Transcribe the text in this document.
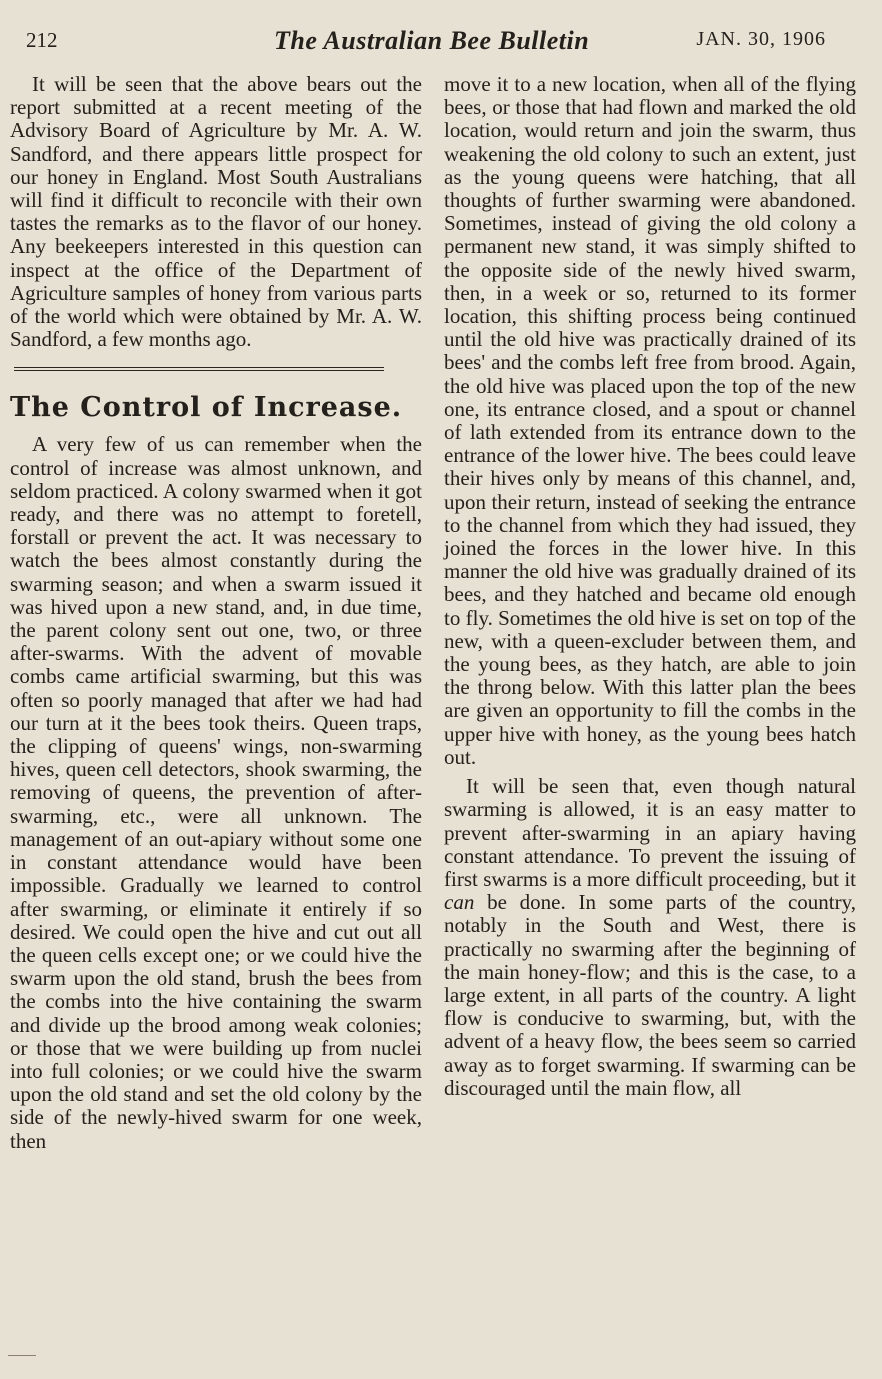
212	The Australian Bee Bulletin	JAN. 30, 1906

It will be seen that the above bears out the report submitted at a recent meeting of the Advisory Board of Agriculture by Mr. A. W. Sandford, and there appears little prospect for our honey in England. Most South Australians will find it difficult to reconcile with their own tastes the remarks as to the flavor of our honey. Any beekeepers interested in this question can inspect at the office of the Department of Agriculture samples of honey from various parts of the world which were obtained by Mr. A. W. Sandford, a few months ago.

The Control of Increase.

A very few of us can remember when the control of increase was almost unknown, and seldom practiced. A colony swarmed when it got ready, and there was no attempt to foretell, forstall or prevent the act. It was necessary to watch the bees almost constantly during the swarming season; and when a swarm issued it was hived upon a new stand, and, in due time, the parent colony sent out one, two, or three after-swarms. With the advent of movable combs came artificial swarming, but this was often so poorly managed that after we had had our turn at it the bees took theirs. Queen traps, the clipping of queens' wings, non-swarming hives, queen cell detectors, shook swarming, the removing of queens, the prevention of after-swarming, etc., were all unknown. The management of an out-apiary without some one in constant attendance would have been impossible. Gradually we learned to control after swarming, or eliminate it entirely if so desired. We could open the hive and cut out all the queen cells except one; or we could hive the swarm upon the old stand, brush the bees from the combs into the hive containing the swarm and divide up the brood among weak colonies; or those that we were building up from nuclei into full colonies; or we could hive the swarm upon the old stand and set the old colony by the side of the newly-hived swarm for one week, then

move it to a new location, when all of the flying bees, or those that had flown and marked the old location, would return and join the swarm, thus weakening the old colony to such an extent, just as the young queens were hatching, that all thoughts of further swarming were abandoned. Sometimes, instead of giving the old colony a permanent new stand, it was simply shifted to the opposite side of the newly hived swarm, then, in a week or so, returned to its former location, this shifting process being continued until the old hive was practically drained of its bees' and the combs left free from brood. Again, the old hive was placed upon the top of the new one, its entrance closed, and a spout or channel of lath extended from its entrance down to the entrance of the lower hive. The bees could leave their hives only by means of this channel, and, upon their return, instead of seeking the entrance to the channel from which they had issued, they joined the forces in the lower hive. In this manner the old hive was gradually drained of its bees, and they hatched and became old enough to fly. Sometimes the old hive is set on top of the new, with a queen-excluder between them, and the young bees, as they hatch, are able to join the throng below. With this latter plan the bees are given an opportunity to fill the combs in the upper hive with honey, as the young bees hatch out.

It will be seen that, even though natural swarming is allowed, it is an easy matter to prevent after-swarming in an apiary having constant attendance. To prevent the issuing of first swarms is a more difficult proceeding, but it can be done. In some parts of the country, notably in the South and West, there is practically no swarming after the beginning of the main honey-flow; and this is the case, to a large extent, in all parts of the country. A light flow is conducive to swarming, but, with the advent of a heavy flow, the bees seem so carried away as to forget swarming. If swarming can be discouraged until the main flow, all
